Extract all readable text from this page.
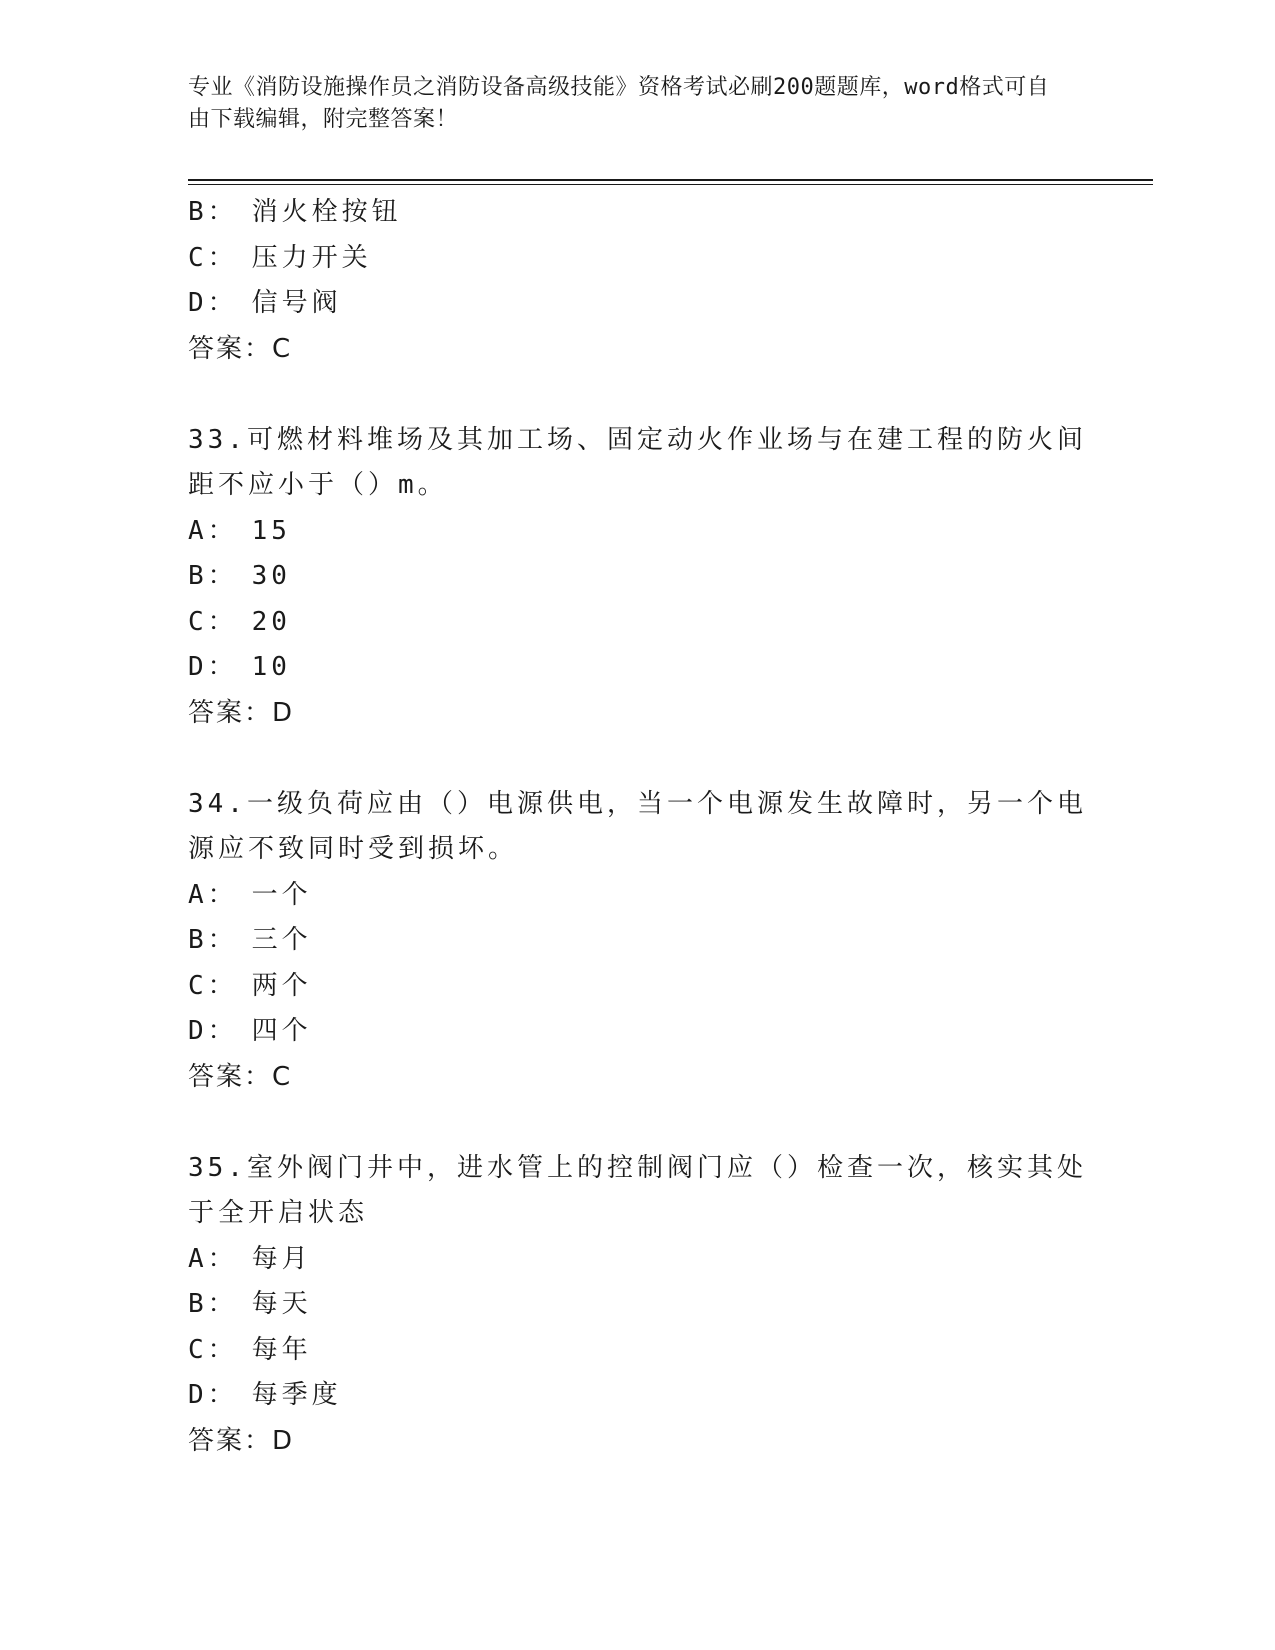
专业《消防设施操作员之消防设备高级技能》资格考试必刷200题题库，word格式可自由下载编辑，附完整答案！
B： 消火栓按钮
C： 压力开关
D： 信号阀
答案：C
33.可燃材料堆场及其加工场、固定动火作业场与在建工程的防火间距不应小于（）m。
A： 15
B： 30
C： 20
D： 10
答案：D
34.一级负荷应由（）电源供电，当一个电源发生故障时，另一个电源应不致同时受到损坏。
A： 一个
B： 三个
C： 两个
D： 四个
答案：C
35.室外阀门井中，进水管上的控制阀门应（）检查一次，核实其处于全开启状态
A： 每月
B： 每天
C： 每年
D： 每季度
答案：D
